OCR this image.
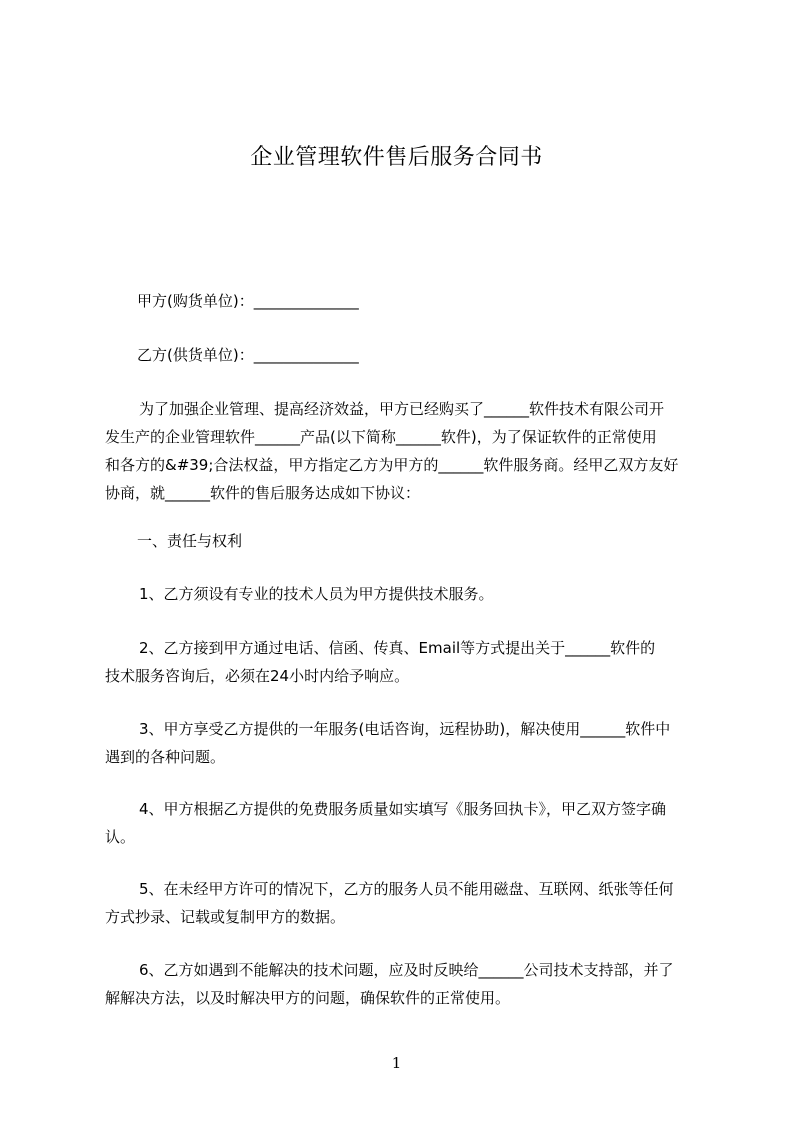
企业管理软件售后服务合同书
甲方(购货单位)：______________
乙方(供货单位)：______________
为了加强企业管理、提高经济效益，甲方已经购买了______软件技术有限公司开
发生产的企业管理软件______产品(以下简称______软件)，为了保证软件的正常使用
和各方的&#39;合法权益，甲方指定乙方为甲方的______软件服务商。经甲乙双方友好
协商，就______软件的售后服务达成如下协议：
一、责任与权利
1、乙方须设有专业的技术人员为甲方提供技术服务。
2、乙方接到甲方通过电话、信函、传真、Email等方式提出关于______软件的
技术服务咨询后，必须在24小时内给予响应。
3、甲方享受乙方提供的一年服务(电话咨询，远程协助)，解决使用______软件中
遇到的各种问题。
4、甲方根据乙方提供的免费服务质量如实填写《服务回执卡》，甲乙双方签字确
认。
5、在未经甲方许可的情况下，乙方的服务人员不能用磁盘、互联网、纸张等任何
方式抄录、记载或复制甲方的数据。
6、乙方如遇到不能解决的技术问题，应及时反映给______公司技术支持部，并了
解解决方法，以及时解决甲方的问题，确保软件的正常使用。
1
